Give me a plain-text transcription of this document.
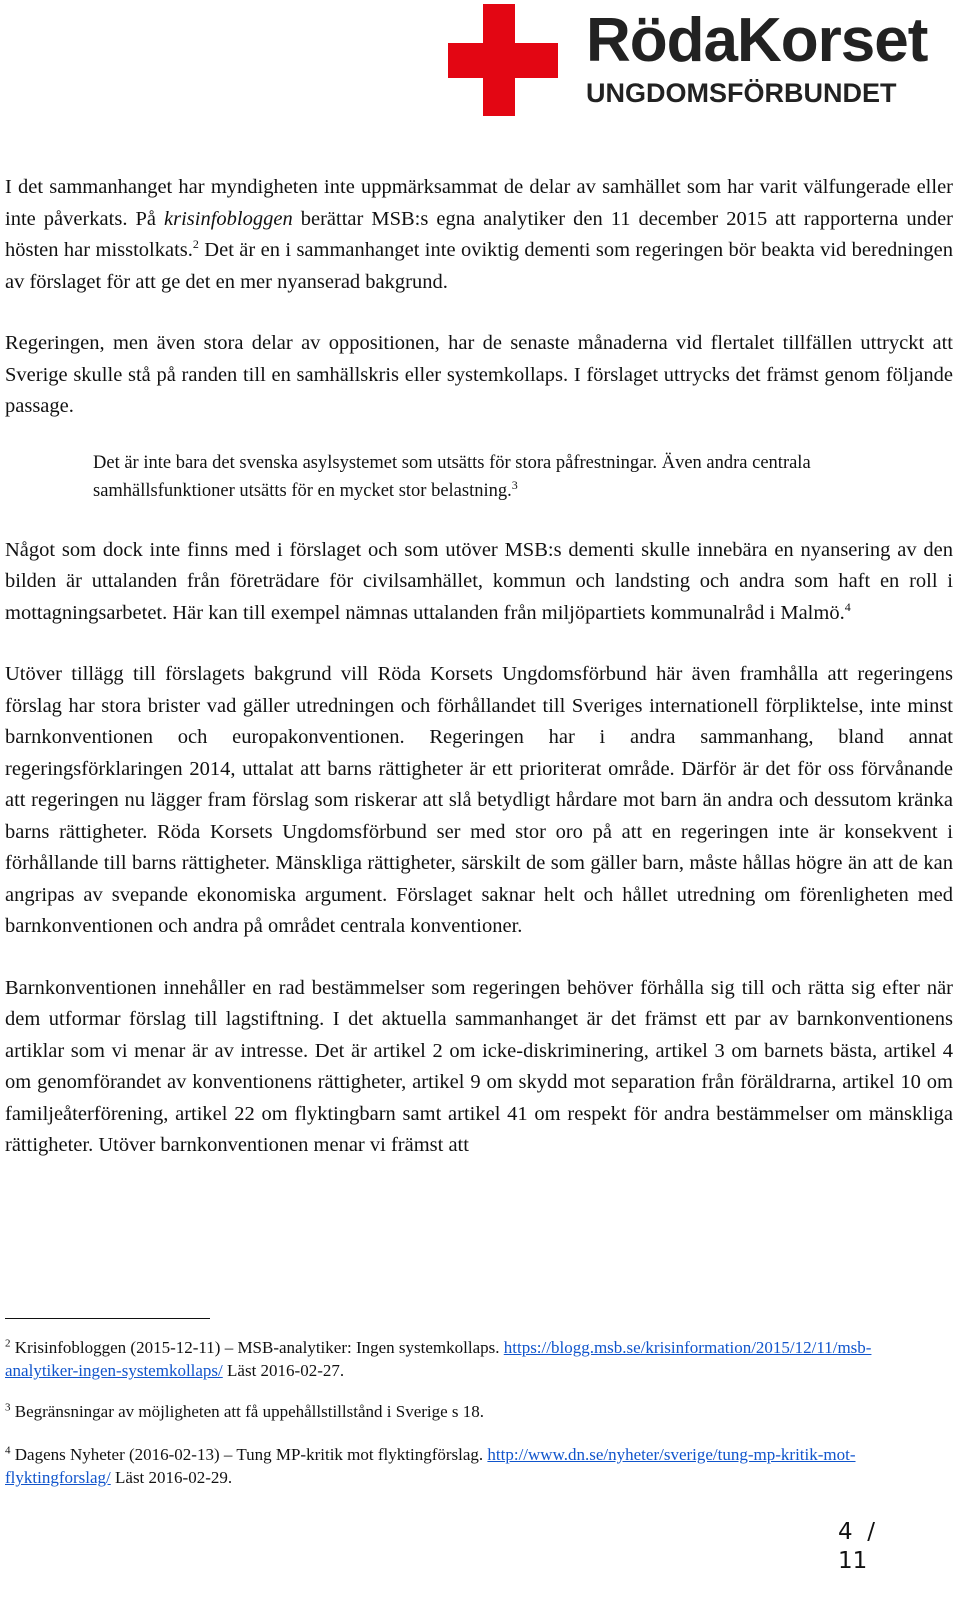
RödaKorset
UNGDOMSFÖRBUNDET

I det sammanhanget har myndigheten inte uppmärksammat de delar av samhället som har varit välfungerade eller inte påverkats. På krisinfobloggen berättar MSB:s egna analytiker den 11 december 2015 att rapporterna under hösten har misstolkats.$^2$ Det är en i sammanhanget inte oviktig dementi som regeringen bör beakta vid beredningen av förslaget för att ge det en mer nyanserad bakgrund.

Regeringen, men även stora delar av oppositionen, har de senaste månaderna vid flertalet tillfällen uttryckt att Sverige skulle stå på randen till en samhällskris eller systemkollaps. I förslaget uttrycks det främst genom följande passage.

Det är inte bara det svenska asylsystemet som utsätts för stora påfrestningar. Även andra centrala samhällsfunktioner utsätts för en mycket stor belastning.$^3$

Något som dock inte finns med i förslaget och som utöver MSB:s dementi skulle innebära en nyansering av den bilden är uttalanden från företrädare för civilsamhället, kommun och landsting och andra som haft en roll i mottagningsarbetet. Här kan till exempel nämnas uttalanden från miljöpartiets kommunalråd i Malmö.$^4$

Utöver tillägg till förslagets bakgrund vill Röda Korsets Ungdomsförbund här även framhålla att regeringens förslag har stora brister vad gäller utredningen och förhållandet till Sveriges internationell förpliktelse, inte minst barnkonventionen och europakonventionen. Regeringen har i andra sammanhang, bland annat regeringsförklaringen 2014, uttalat att barns rättigheter är ett prioriterat område. Därför är det för oss förvånande att regeringen nu lägger fram förslag som riskerar att slå betydligt hårdare mot barn än andra och dessutom kränka barns rättigheter. Röda Korsets Ungdomsförbund ser med stor oro på att en regeringen inte är konsekvent i förhållande till barns rättigheter. Mänskliga rättigheter, särskilt de som gäller barn, måste hållas högre än att de kan angripas av svepande ekonomiska argument. Förslaget saknar helt och hållet utredning om förenligheten med barnkonventionen och andra på området centrala konventioner.

Barnkonventionen innehåller en rad bestämmelser som regeringen behöver förhålla sig till och rätta sig efter när dem utformar förslag till lagstiftning. I det aktuella sammanhanget är det främst ett par av barnkonventionens artiklar som vi menar är av intresse. Det är artikel 2 om icke-diskriminering, artikel 3 om barnets bästa, artikel 4 om genomförandet av konventionens rättigheter, artikel 9 om skydd mot separation från föräldrarna, artikel 10 om familjeåterförening, artikel 22 om flyktingbarn samt artikel 41 om respekt för andra bestämmelser om mänskliga rättigheter. Utöver barnkonventionen menar vi främst att

$^2$ Krisinfobloggen (2015-12-11) – MSB-analytiker: Ingen systemkollaps. https://blogg.msb.se/krisinformation/2015/12/11/msb-analytiker-ingen-systemkollaps/ Läst 2016-02-27.
$^3$ Begränsningar av möjligheten att få uppehållstillstånd i Sverige s 18.
$^4$ Dagens Nyheter (2016-02-13) – Tung MP-kritik mot flyktingförslag. http://www.dn.se/nyheter/sverige/tung-mp-kritik-mot-flyktingforslag/ Läst 2016-02-29.
4 /
11
